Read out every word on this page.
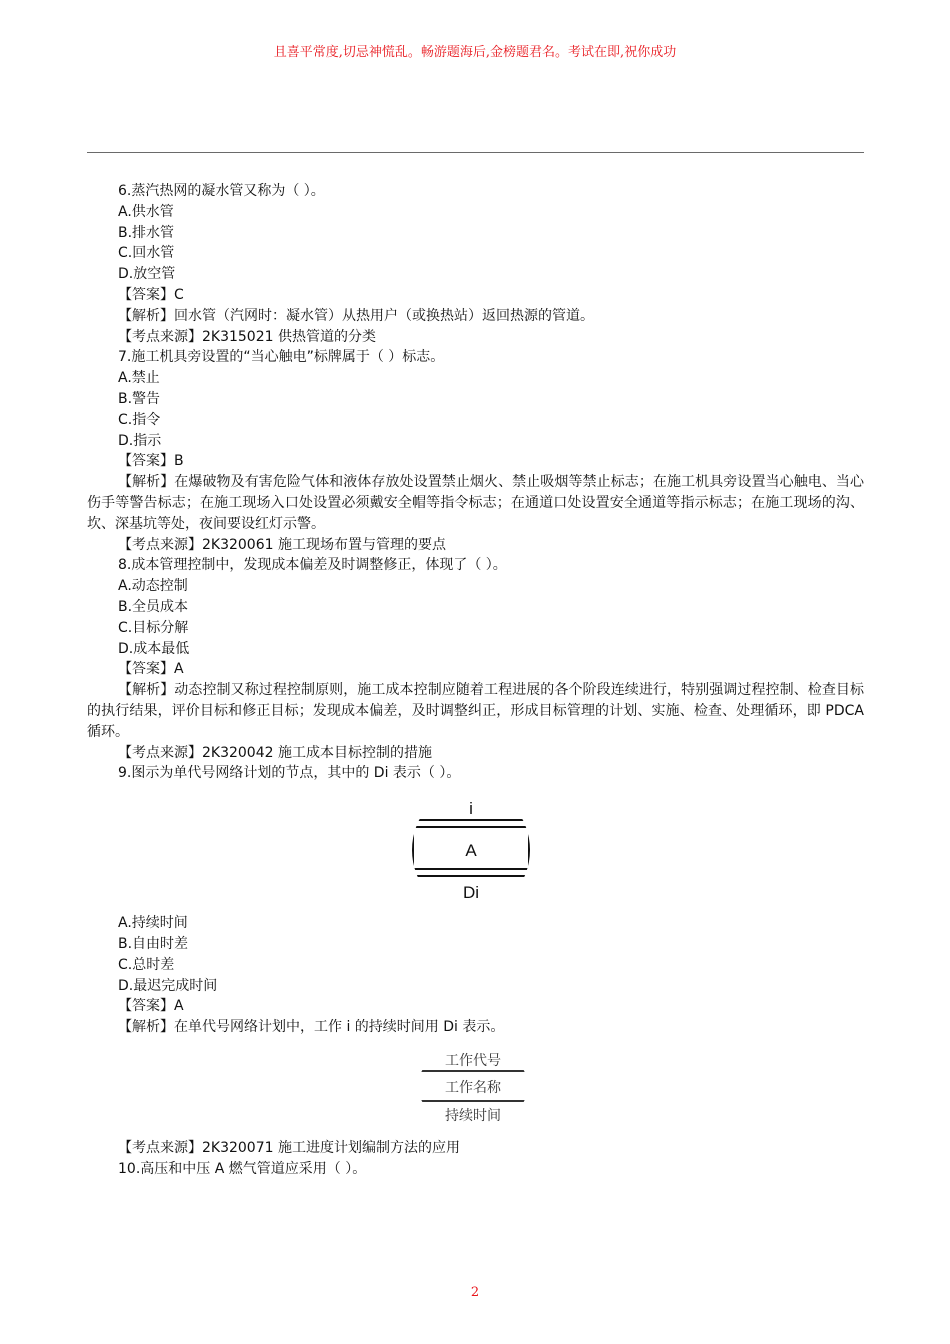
且喜平常度,切忌神慌乱。畅游题海后,金榜题君名。考试在即,祝你成功
6.蒸汽热网的凝水管又称为（ ）。
A.供水管
B.排水管
C.回水管
D.放空管
【答案】C
【解析】回水管（汽网时：凝水管）从热用户（或换热站）返回热源的管道。
【考点来源】2K315021 供热管道的分类
7.施工机具旁设置的“当心触电”标牌属于（ ）标志。
A.禁止
B.警告
C.指令
D.指示
【答案】B
【解析】在爆破物及有害危险气体和液体存放处设置禁止烟火、禁止吸烟等禁止标志；在施工机具旁设置当心触电、当心伤手等警告标志；在施工现场入口处设置必须戴安全帽等指令标志；在通道口处设置安全通道等指示标志；在施工现场的沟、坎、深基坑等处，夜间要设红灯示警。
【考点来源】2K320061 施工现场布置与管理的要点
8.成本管理控制中，发现成本偏差及时调整修正，体现了（ ）。
A.动态控制
B.全员成本
C.目标分解
D.成本最低
【答案】A
【解析】动态控制又称过程控制原则，施工成本控制应随着工程进展的各个阶段连续进行，特别强调过程控制、检查目标的执行结果，评价目标和修正目标；发现成本偏差，及时调整纠正，形成目标管理的计划、实施、检查、处理循环，即 PDCA 循环。
【考点来源】2K320042 施工成本目标控制的措施
9.图示为单代号网络计划的节点，其中的 Di 表示（ ）。
i
A
Di
A.持续时间
B.自由时差
C.总时差
D.最迟完成时间
【答案】A
【解析】在单代号网络计划中，工作 i 的持续时间用 Di 表示。
工作代号
工作名称
持续时间
【考点来源】2K320071 施工进度计划编制方法的应用
10.高压和中压 A 燃气管道应采用（ ）。
2
